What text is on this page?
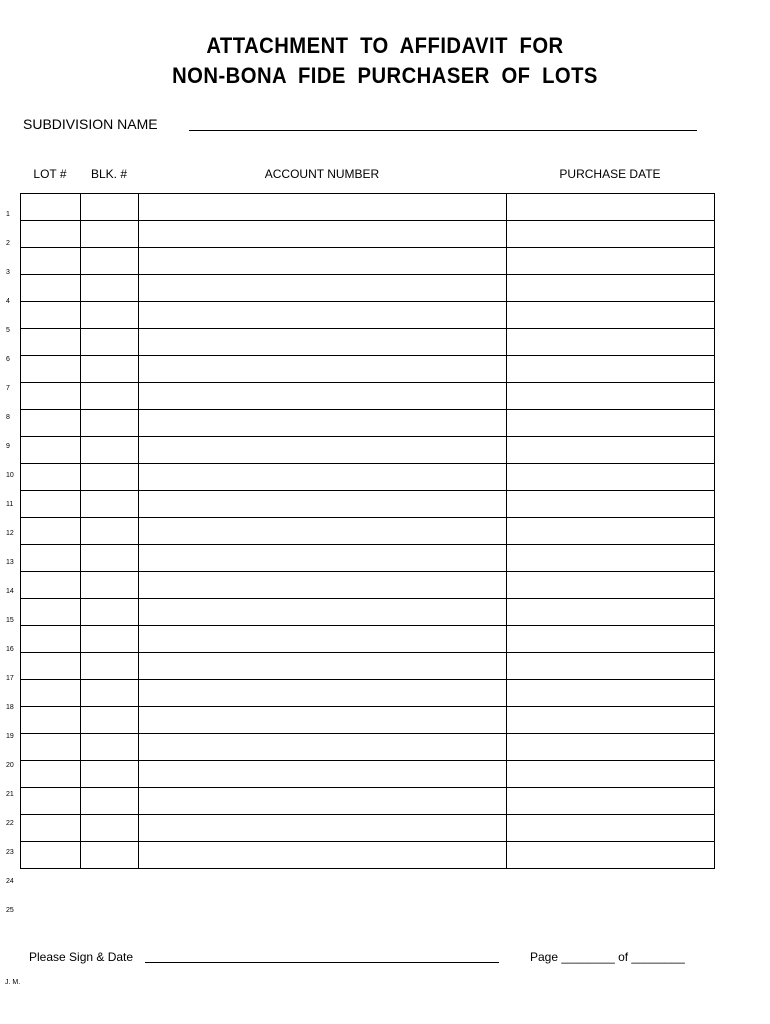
ATTACHMENT TO AFFIDAVIT FOR
NON-BONA FIDE PURCHASER OF LOTS
SUBDIVISION NAME
LOT #	BLK. #	ACCOUNT NUMBER	PURCHASE DATE

1
2
3
4
5
6
7
8
9
10
11
12
13
14
15
16
17
18
19
20
21
22
23
24
25
Please Sign & Date	Page ________ of ________
J. M.
